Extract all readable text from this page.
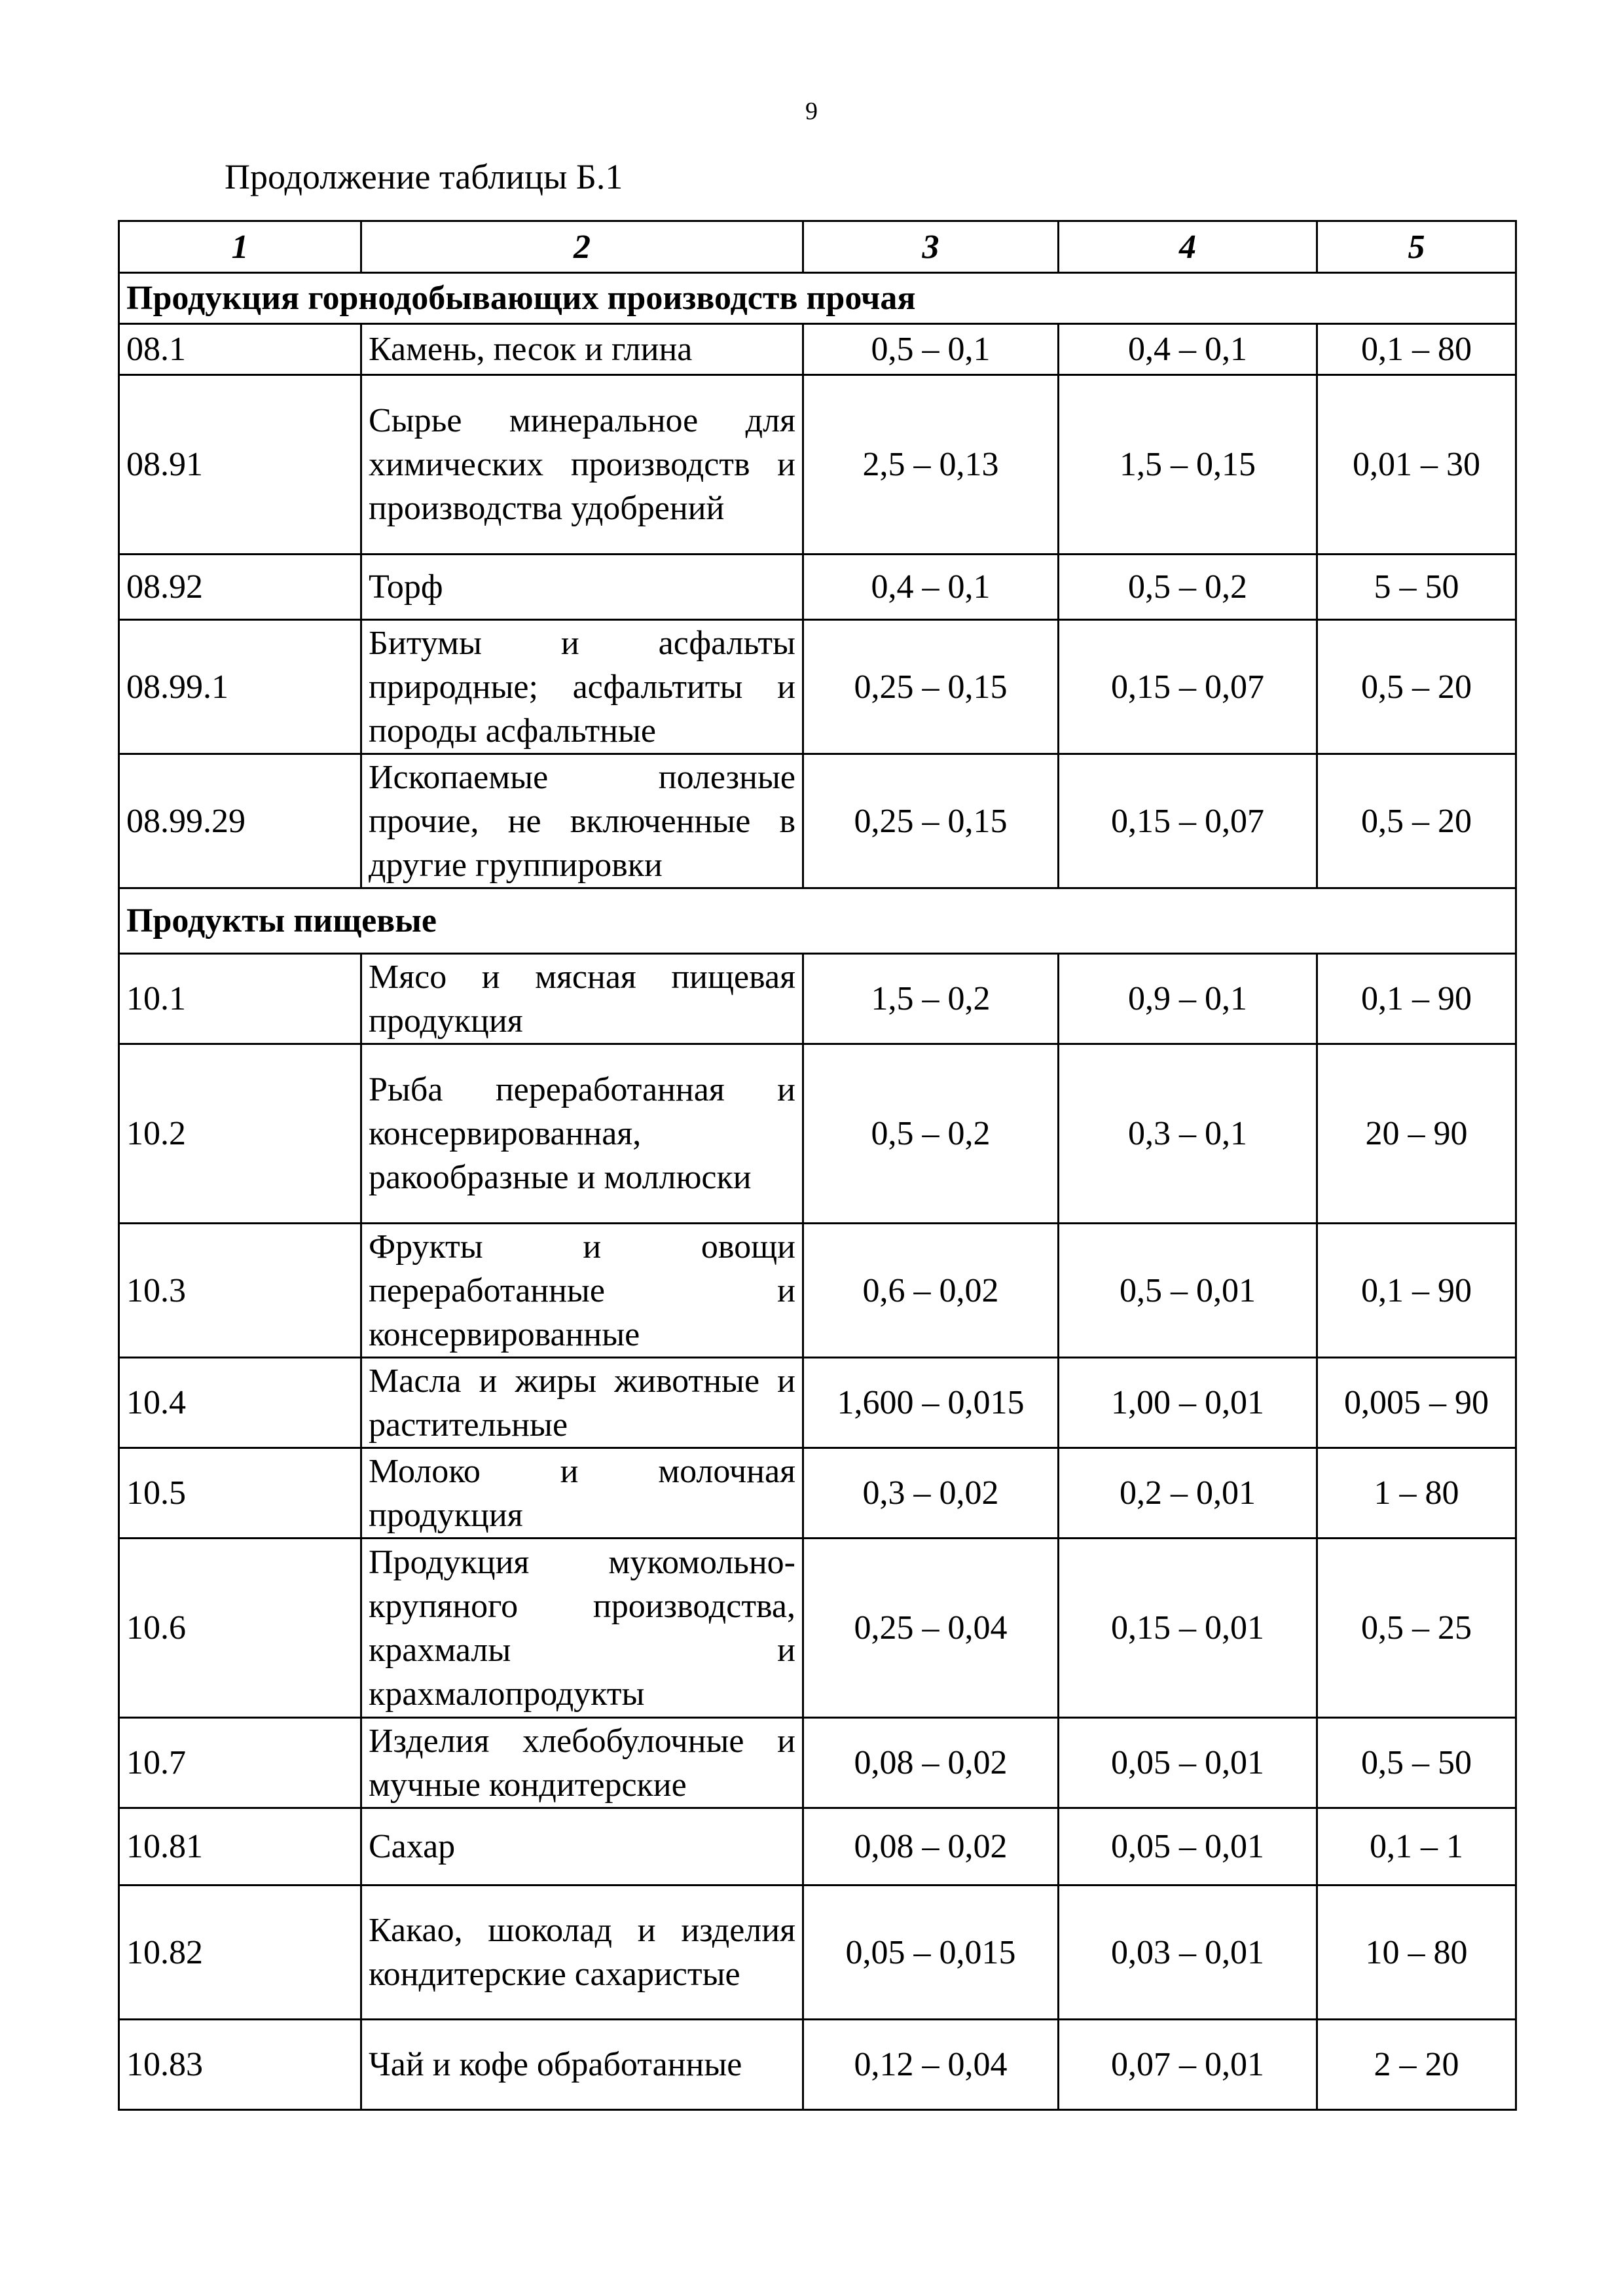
9
Продолжение таблицы Б.1
1	2	3	4	5
Продукция горнодобывающих производств прочая				
08.1	Камень, песок и глина	0,5 – 0,1	0,4 – 0,1	0,1 – 80
08.91	Сырье минеральное для химических производств и производства удобрений	2,5 – 0,13	1,5 – 0,15	0,01 – 30
08.92	Торф	0,4 – 0,1	0,5 – 0,2	5 – 50
08.99.1	Битумы и асфальты природные; асфальтиты и породы асфальтные	0,25 – 0,15	0,15 – 0,07	0,5 – 20
08.99.29	Ископаемые полезные прочие, не включенные в другие группировки	0,25 – 0,15	0,15 – 0,07	0,5 – 20
Продукты пищевые				
10.1	Мясо и мясная пищевая продукция	1,5 – 0,2	0,9 – 0,1	0,1 – 90
10.2	Рыба переработанная и консервированная, ракообразные и моллюски	0,5 – 0,2	0,3 – 0,1	20 – 90
10.3	Фрукты и овощи переработанные и консервированные	0,6 – 0,02	0,5 – 0,01	0,1 – 90
10.4	Масла и жиры животные и растительные	1,600 – 0,015	1,00 – 0,01	0,005 – 90
10.5	Молоко и молочная продукция	0,3 – 0,02	0,2 – 0,01	1 – 80
10.6	Продукция мукомольно-крупяного производства, крахмалы и крахмалопродукты	0,25 – 0,04	0,15 – 0,01	0,5 – 25
10.7	Изделия хлебобулочные и мучные кондитерские	0,08 – 0,02	0,05 – 0,01	0,5 – 50
10.81	Сахар	0,08 – 0,02	0,05 – 0,01	0,1 – 1
10.82	Какао, шоколад и изделия кондитерские сахаристые	0,05 – 0,015	0,03 – 0,01	10 – 80
10.83	Чай и кофе обработанные	0,12 – 0,04	0,07 – 0,01	2 – 20
